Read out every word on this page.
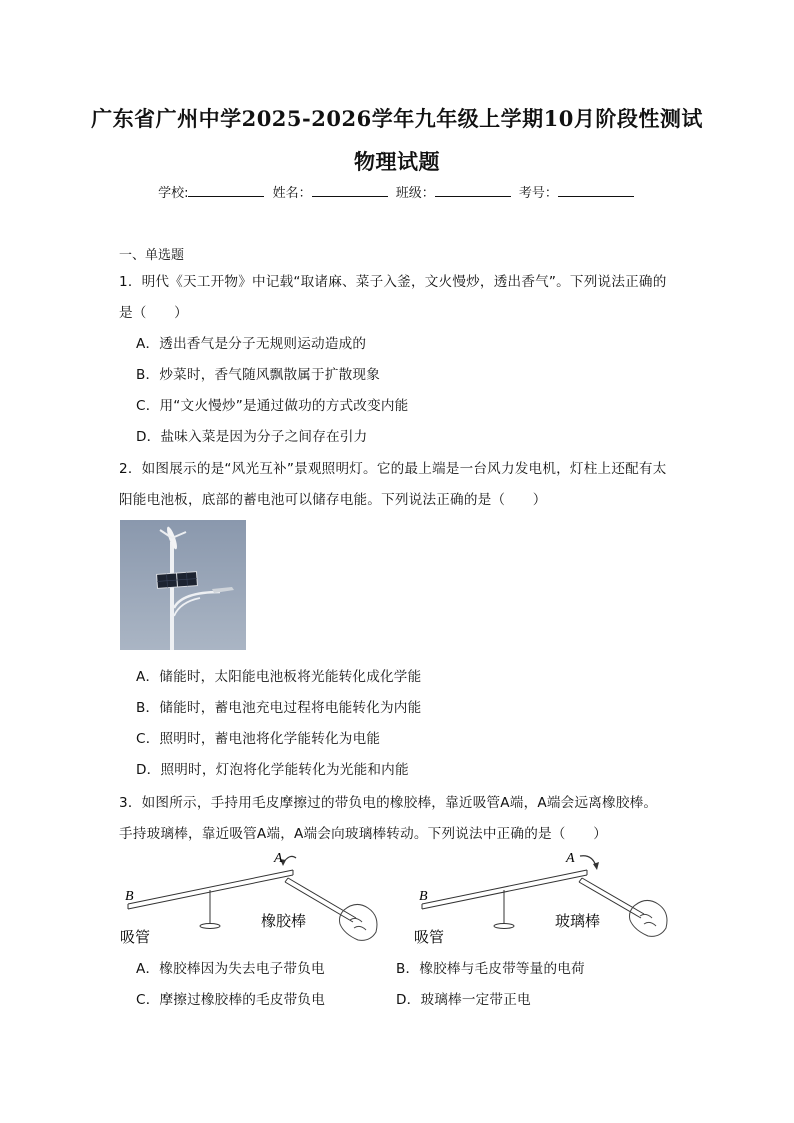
广东省广州中学2025-2026学年九年级上学期10月阶段性测试
物理试题
学校:	姓名：	班级：	考号：
一、单选题
1．明代《天工开物》中记载“取诸麻、菜子入釜，文火慢炒，透出香气”。下列说法正确的
是（　　）
A．透出香气是分子无规则运动造成的
B．炒菜时，香气随风飘散属于扩散现象
C．用“文火慢炒”是通过做功的方式改变内能
D．盐味入菜是因为分子之间存在引力
2．如图展示的是“风光互补”景观照明灯。它的最上端是一台风力发电机，灯柱上还配有太
阳能电池板，底部的蓄电池可以储存电能。下列说法正确的是（　　）
A．储能时，太阳能电池板将光能转化成化学能
B．储能时，蓄电池充电过程将电能转化为内能
C．照明时，蓄电池将化学能转化为电能
D．照明时，灯泡将化学能转化为光能和内能
3．如图所示，手持用毛皮摩擦过的带负电的橡胶棒，靠近吸管A端，A端会远离橡胶棒。
手持玻璃棒，靠近吸管A端，A端会向玻璃棒转动。下列说法中正确的是（　　）
A
B
吸管
橡胶棒
A
B
吸管
玻璃棒
A．橡胶棒因为失去电子带负电	B．橡胶棒与毛皮带等量的电荷
C．摩擦过橡胶棒的毛皮带负电	D．玻璃棒一定带正电
